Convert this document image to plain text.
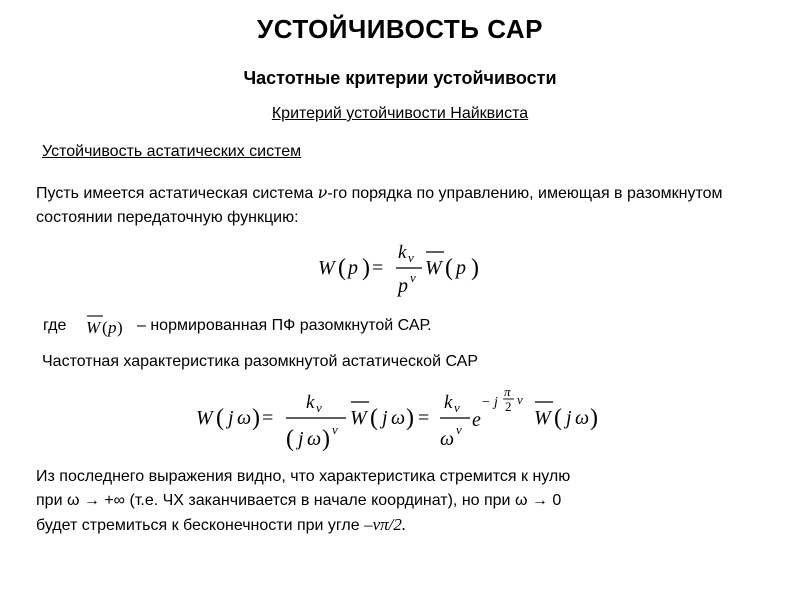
УСТОЙЧИВОСТЬ САР
Частотные критерии устойчивости
Критерий устойчивости Найквиста
Устойчивость астатических систем
Пусть имеется астатическая система ν-го порядка по управлению, имеющая в разомкнутом состоянии передаточную функцию:
W ( p ) =
k ν
p ν W ( p )
где	W ( p ) – нормированная ПФ разомкнутой САР.
Частотная характеристика разомкнутой астатической САР
W ( j ω ) =
k ν
( j ω ) ν
W ( j ω ) =
k ν
ω ν e
− j
π
2 ν
W ( j ω )
Из последнего выражения видно, что характеристика стремится к нулю
при ω → +∞ (т.е. ЧХ заканчивается в начале координат), но при ω → 0
будет стремиться к бесконечности при угле –νπ/2.
